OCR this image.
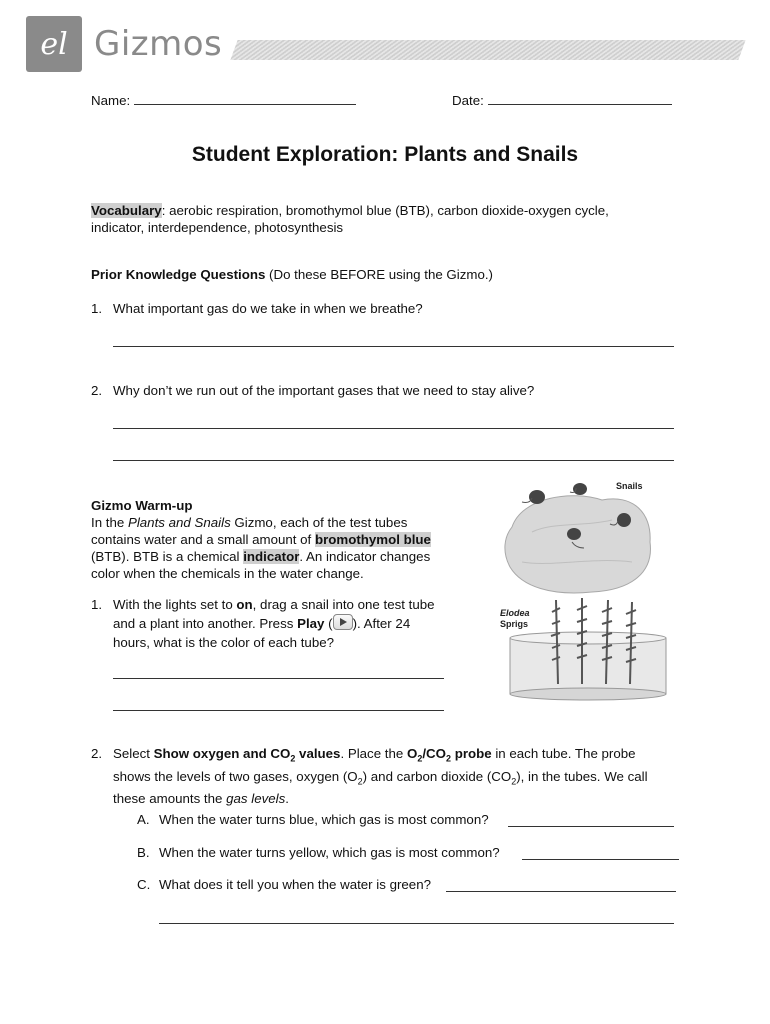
el Gizmos
Name:	Date:
Student Exploration: Plants and Snails
Vocabulary: aerobic respiration, bromothymol blue (BTB), carbon dioxide-oxygen cycle,
indicator, interdependence, photosynthesis
Prior Knowledge Questions (Do these BEFORE using the Gizmo.)
1. What important gas do we take in when we breathe?
2. Why don’t we run out of the important gases that we need to stay alive?
Gizmo Warm-up
In the Plants and Snails Gizmo, each of the test tubes
contains water and a small amount of bromothymol blue
(BTB). BTB is a chemical indicator. An indicator changes
color when the chemicals in the water change.
1. With the lights set to on, drag a snail into one test tube
and a plant into another. Press Play ( ). After 24
hours, what is the color of each tube?
Snails
Elodea
Sprigs
2. Select Show oxygen and $CO_2$ values. Place the $O_2/CO_2$ probe in each tube. The probe
shows the levels of two gases, oxygen $(O_2)$ and carbon dioxide $(CO_2)$, in the tubes. We call
these amounts the gas levels.
A. When the water turns blue, which gas is most common?
B. When the water turns yellow, which gas is most common?
C. What does it tell you when the water is green?
